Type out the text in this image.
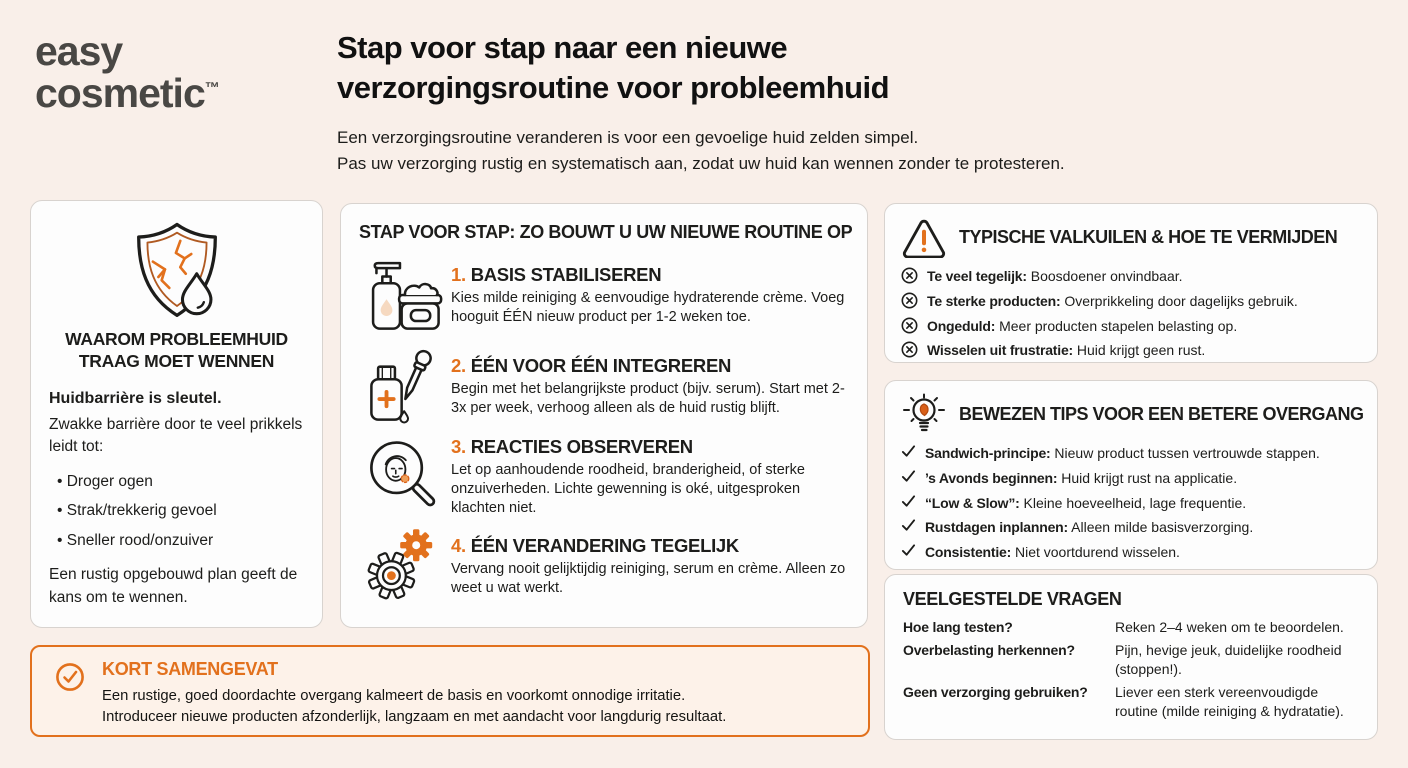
easy
cosmetic™
Stap voor stap naar een nieuwe
verzorgingsroutine voor probleemhuid
Een verzorgingsroutine veranderen is voor een gevoelige huid zelden simpel.
Pas uw verzorging rustig en systematisch aan, zodat uw huid kan wennen zonder te protesteren.
WAAROM PROBLEEMHUID
TRAAG MOET WENNEN
Huidbarrière is sleutel.
Zwakke barrière door te veel prikkels leidt tot:
• Droger ogen
• Strak/trekkerig gevoel
• Sneller rood/onzuiver
Een rustig opgebouwd plan geeft de kans om te wennen.
STAP VOOR STAP: ZO BOUWT U UW NIEUWE ROUTINE OP
1. BASIS STABILISEREN

Kies milde reiniging & eenvoudige hydraterende crème. Voeg hooguit ÉÉN nieuw product per 1-2 weken toe.

2. ÉÉN VOOR ÉÉN INTEGREREN

Begin met het belangrijkste product (bijv. serum). Start met 2-3x per week, verhoog alleen als de huid rustig blijft.

3. REACTIES OBSERVEREN

Let op aanhoudende roodheid, branderigheid, of sterke onzuiverheden. Lichte gewenning is oké, uitgesproken klachten niet.

4. ÉÉN VERANDERING TEGELIJK

Vervang nooit gelijktijdig reiniging, serum en crème. Alleen zo weet u wat werkt.

TYPISCHE VALKUILEN & HOE TE VERMIJDEN
Te veel tegelijk: Boosdoener onvindbaar.
Te sterke producten: Overprikkeling door dagelijks gebruik.
Ongeduld: Meer producten stapelen belasting op.
Wisselen uit frustratie: Huid krijgt geen rust.
BEWEZEN TIPS VOOR EEN BETERE OVERGANG
Sandwich-principe: Nieuw product tussen vertrouwde stappen.
’s Avonds beginnen: Huid krijgt rust na applicatie.
“Low & Slow”: Kleine hoeveelheid, lage frequentie.
Rustdagen inplannen: Alleen milde basisverzorging.
Consistentie: Niet voortdurend wisselen.
VEELGESTELDE VRAGEN
Hoe lang testen?	Reken 2–4 weken om te beoordelen.
Overbelasting herkennen?	Pijn, hevige jeuk, duidelijke roodheid (stoppen!).
Geen verzorging gebruiken?	Liever een sterk vereenvoudigde routine (milde reiniging & hydratatie).
KORT SAMENGEVAT
Een rustige, goed doordachte overgang kalmeert de basis en voorkomt onnodige irritatie.
Introduceer nieuwe producten afzonderlijk, langzaam en met aandacht voor langdurig resultaat.
